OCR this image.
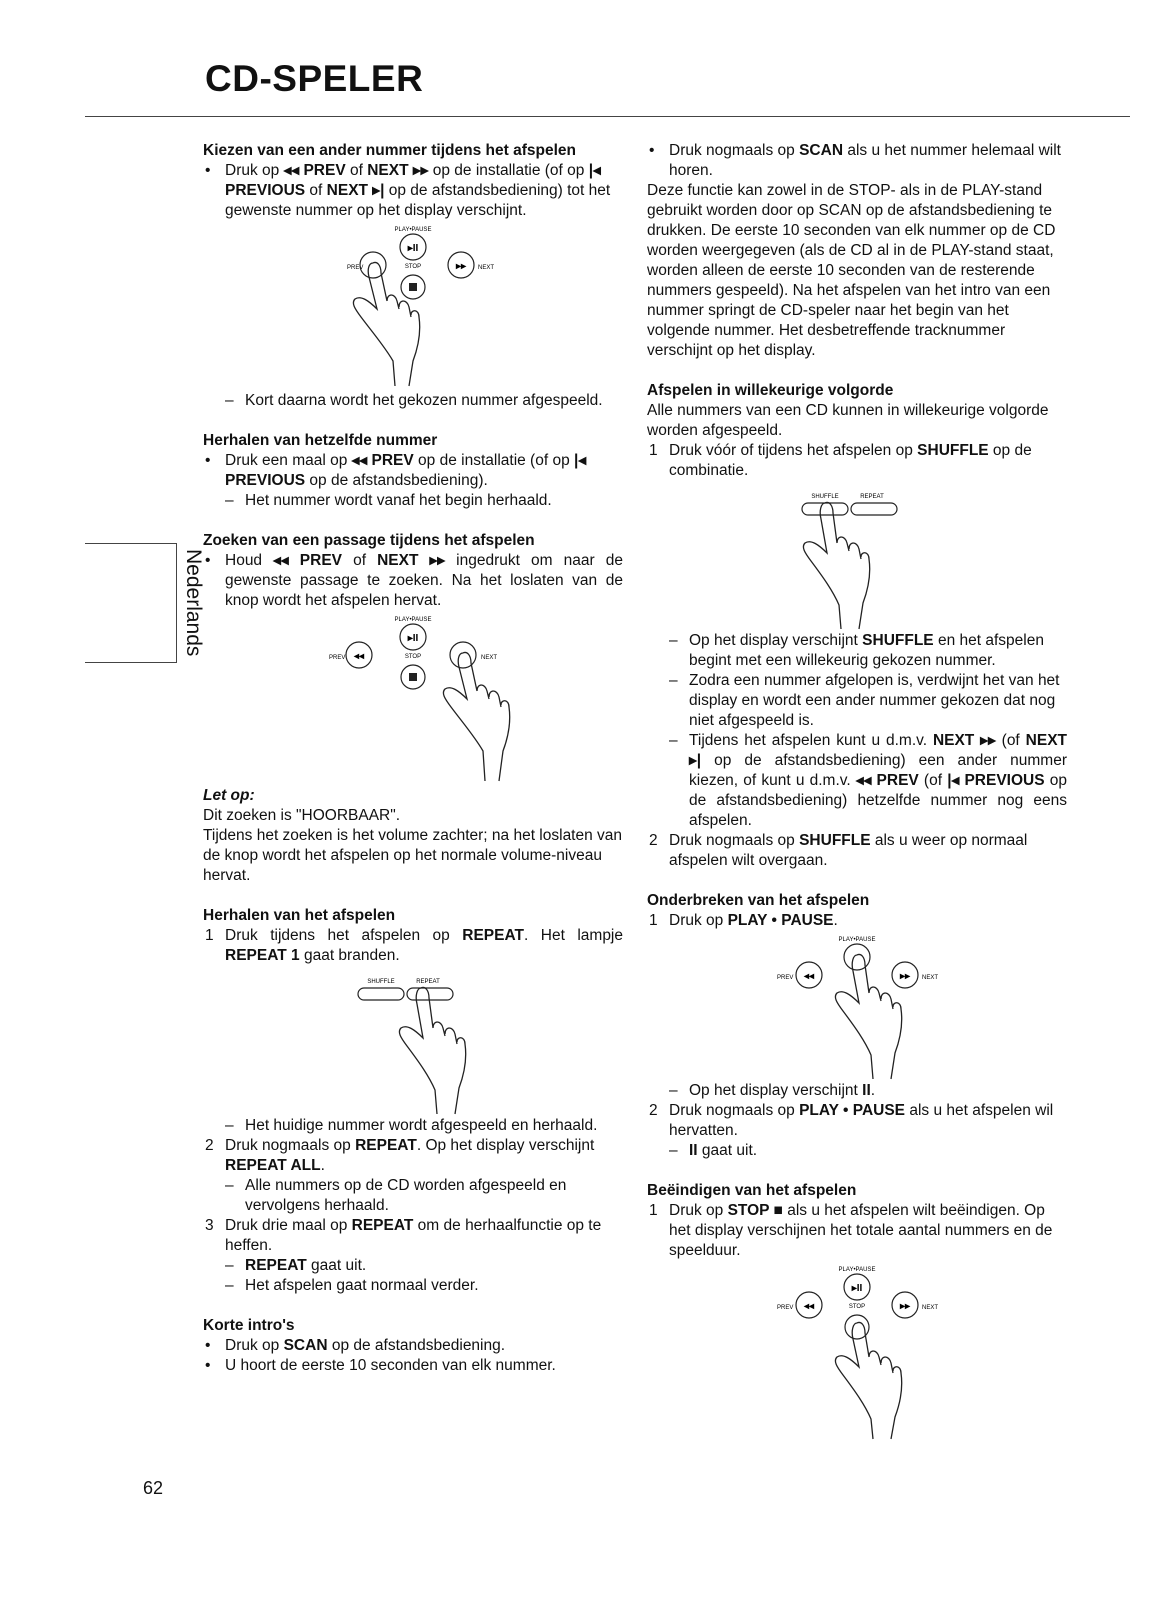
CD-SPELER
Nederlands
Kiezen van een ander nummer tijdens het afspelen
• Druk op ◂◂ PREV of NEXT ▸▸ op de installatie (of op |◂ PREVIOUS of NEXT ▸| op de afstandsbediening) tot het gewenste nummer op het display verschijnt.
PLAY•PAUSE
▸II
STOP
PREV	▸▸ NEXT
– Kort daarna wordt het gekozen nummer afgespeeld.
Herhalen van hetzelfde nummer
• Druk een maal op ◂◂ PREV op de installatie (of op |◂ PREVIOUS op de afstandsbediening).
– Het nummer wordt vanaf het begin herhaald.
Zoeken van een passage tijdens het afspelen
• Houd ◂◂ PREV of NEXT ▸▸ ingedrukt om naar de gewenste passage te zoeken. Na het loslaten van de knop wordt het afspelen hervat.
PLAY•PAUSE
▸II
STOP
PREV ◂◂	NEXT

Let op:

Dit zoeken is "HOORBAAR".

Tijdens het zoeken is het volume zachter; na het loslaten van de knop wordt het afspelen op het normale volume-niveau hervat.

Herhalen van het afspelen
1 Druk tijdens het afspelen op REPEAT. Het lampje REPEAT 1 gaat branden.
SHUFFLE	REPEAT
– Het huidige nummer wordt afgespeeld en herhaald.
2 Druk nogmaals op REPEAT. Op het display verschijnt REPEAT ALL.
– Alle nummers op de CD worden afgespeeld en vervolgens herhaald.
3 Druk drie maal op REPEAT om de herhaalfunctie op te heffen.
– REPEAT gaat uit.
– Het afspelen gaat normaal verder.
Korte intro's
• Druk op SCAN op de afstandsbediening.
• U hoort de eerste 10 seconden van elk nummer.
• Druk nogmaals op SCAN als u het nummer helemaal wilt horen.

Deze functie kan zowel in de STOP- als in de PLAY-stand gebruikt worden door op SCAN op de afstandsbediening te drukken. De eerste 10 seconden van elk nummer op de CD worden weergegeven (als de CD al in de PLAY-stand staat, worden alleen de eerste 10 seconden van de resterende nummers gespeeld). Na het afspelen van het intro van een nummer springt de CD-speler naar het begin van het volgende nummer. Het desbetreffende tracknummer verschijnt op het display.

Afspelen in willekeurige volgorde

Alle nummers van een CD kunnen in willekeurige volgorde worden afgespeeld.

1 Druk vóór of tijdens het afspelen op SHUFFLE op de combinatie.
SHUFFLE	REPEAT
– Op het display verschijnt SHUFFLE en het afspelen begint met een willekeurig gekozen nummer.
– Zodra een nummer afgelopen is, verdwijnt het van het display en wordt een ander nummer gekozen dat nog niet afgespeeld is.
– Tijdens het afspelen kunt u d.m.v. NEXT ▸▸ (of NEXT ▸| op de afstandsbediening) een ander nummer kiezen, of kunt u d.m.v. ◂◂ PREV (of |◂ PREVIOUS op de afstandsbediening) hetzelfde nummer nog eens afspelen.
2 Druk nogmaals op SHUFFLE als u weer op normaal afspelen wilt overgaan.
Onderbreken van het afspelen
1 Druk op PLAY • PAUSE.
PLAY•PAUSE
PREV ◂◂	▸▸ NEXT
– Op het display verschijnt II.
2 Druk nogmaals op PLAY • PAUSE als u het afspelen wil hervatten.
– II gaat uit.
Beëindigen van het afspelen
1 Druk op STOP ■ als u het afspelen wilt beëindigen. Op het display verschijnen het totale aantal nummers en de speelduur.
PLAY•PAUSE
▸II
STOP
PREV ◂◂	▸▸ NEXT
62
